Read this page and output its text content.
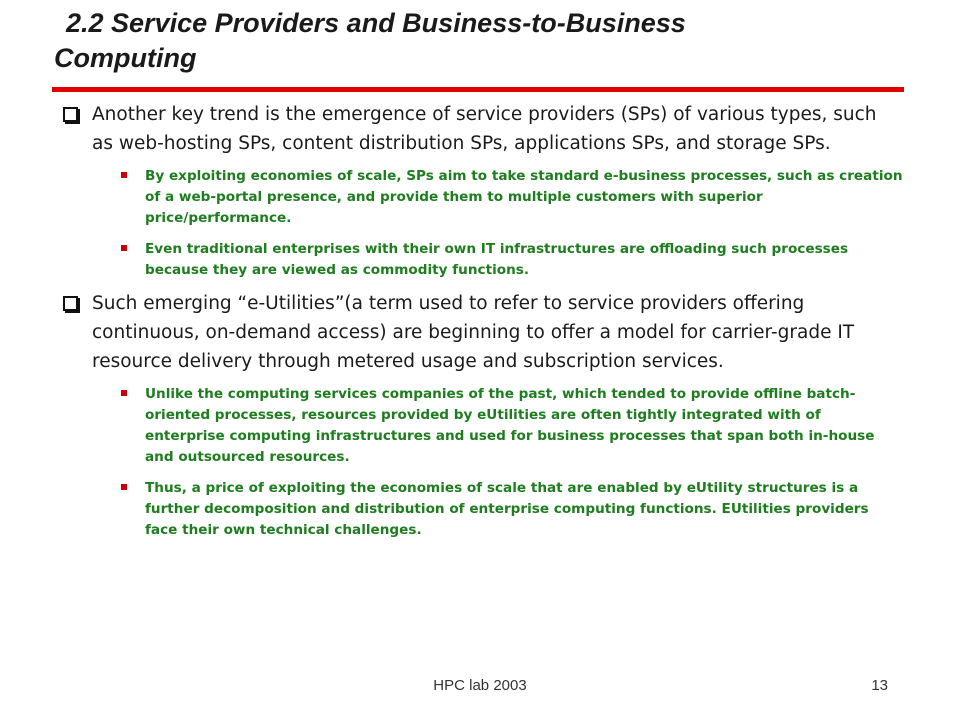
2.2 Service Providers and Business-to-Business
Computing
Another key trend is the emergence of service providers (SPs) of various types, such as web-hosting SPs, content distribution SPs, applications SPs, and storage SPs.
By exploiting economies of scale, SPs aim to take standard e-business processes, such as creation of a web-portal presence, and provide them to multiple customers with superior price/performance.
Even traditional enterprises with their own IT infrastructures are offloading such processes because they are viewed as commodity functions.
Such emerging “e-Utilities”(a term used to refer to service providers offering continuous, on-demand access) are beginning to offer a model for carrier-grade IT resource delivery through metered usage and subscription services.
Unlike the computing services companies of the past, which tended to provide offline batch-oriented processes, resources provided by eUtilities are often tightly integrated with of enterprise computing infrastructures and used for business processes that span both in-house and outsourced resources.
Thus, a price of exploiting the economies of scale that are enabled by eUtility structures is a further decomposition and distribution of enterprise computing functions. EUtilities providers face their own technical challenges.
HPC lab 2003	13
